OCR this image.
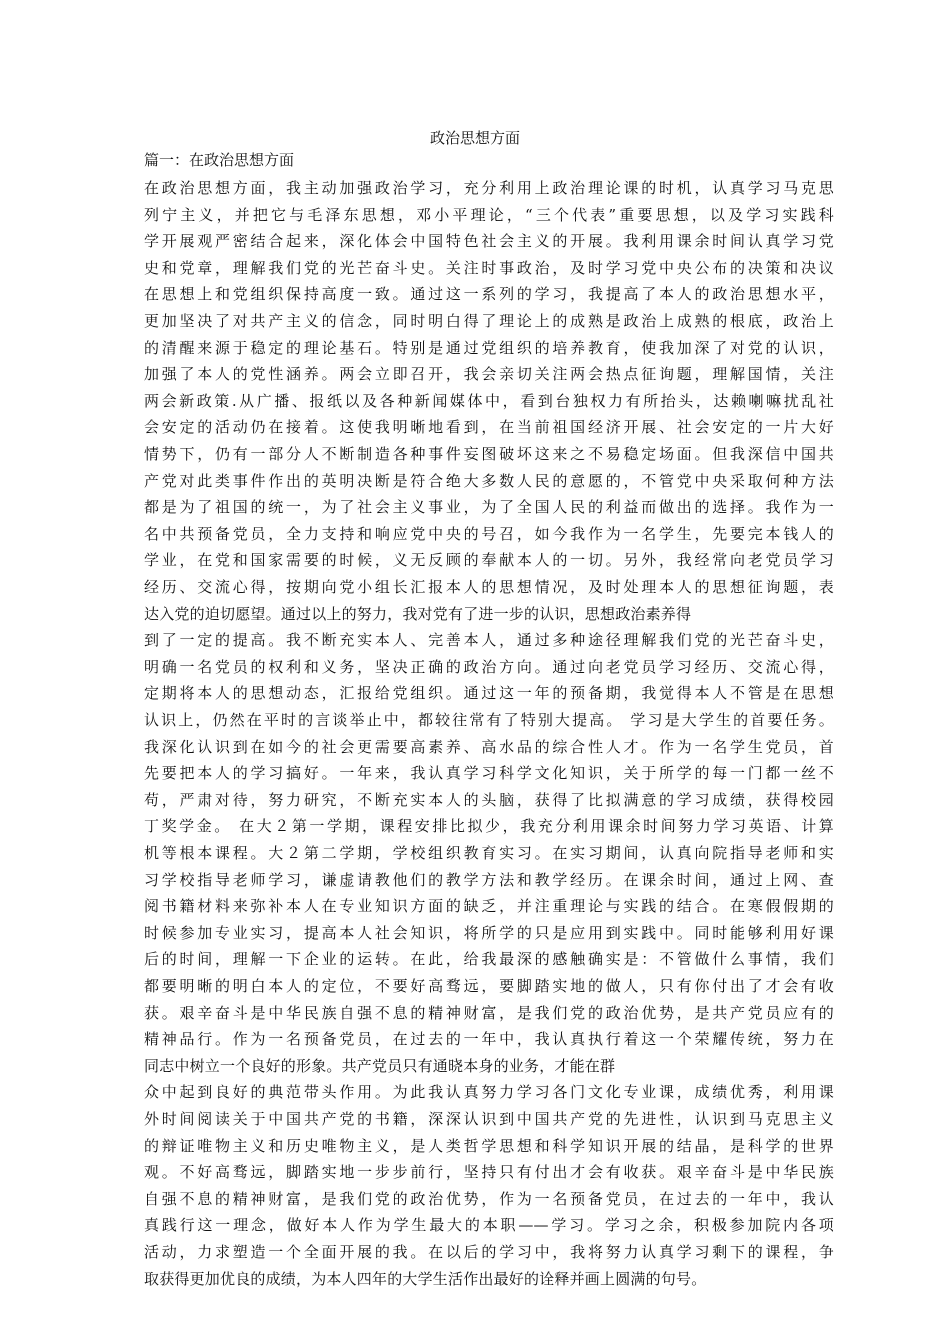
政治思想方面
篇一：在政治思想方面
在政治思想方面，我主动加强政治学习，充分利用上政治理论课的时机，认真学习马克思
列宁主义，并把它与毛泽东思想，邓小平理论，“三个代表”重要思想，以及学习实践科
学开展观严密结合起来，深化体会中国特色社会主义的开展。我利用课余时间认真学习党
史和党章，理解我们党的光芒奋斗史。关注时事政治，及时学习党中央公布的决策和决议
在思想上和党组织保持高度一致。通过这一系列的学习，我提高了本人的政治思想水平，
更加坚决了对共产主义的信念，同时明白得了理论上的成熟是政治上成熟的根底，政治上
的清醒来源于稳定的理论基石。特别是通过党组织的培养教育，使我加深了对党的认识，
加强了本人的党性涵养。两会立即召开，我会亲切关注两会热点征询题，理解国情，关注
两会新政策.从广播、报纸以及各种新闻媒体中，看到台独权力有所抬头，达赖喇嘛扰乱社
会安定的活动仍在接着。这使我明晰地看到，在当前祖国经济开展、社会安定的一片大好
情势下，仍有一部分人不断制造各种事件妄图破坏这来之不易稳定场面。但我深信中国共
产党对此类事件作出的英明决断是符合绝大多数人民的意愿的，不管党中央采取何种方法
都是为了祖国的统一，为了社会主义事业，为了全国人民的利益而做出的选择。我作为一
名中共预备党员，全力支持和响应党中央的号召，如今我作为一名学生，先要完本钱人的
学业，在党和国家需要的时候，义无反顾的奉献本人的一切。另外，我经常向老党员学习
经历、交流心得，按期向党小组长汇报本人的思想情况，及时处理本人的思想征询题，表
达入党的迫切愿望。通过以上的努力，我对党有了进一步的认识，思想政治素养得
到了一定的提高。我不断充实本人、完善本人，通过多种途径理解我们党的光芒奋斗史，
明确一名党员的权利和义务，坚决正确的政治方向。通过向老党员学习经历、交流心得，
定期将本人的思想动态，汇报给党组织。通过这一年的预备期，我觉得本人不管是在思想
认识上，仍然在平时的言谈举止中，都较往常有了特别大提高。 学习是大学生的首要任务。
我深化认识到在如今的社会更需要高素养、高水品的综合性人才。作为一名学生党员，首
先要把本人的学习搞好。一年来，我认真学习科学文化知识，关于所学的每一门都一丝不
苟，严肃对待，努力研究，不断充实本人的头脑，获得了比拟满意的学习成绩，获得校园
丁奖学金。 在大２第一学期，课程安排比拟少，我充分利用课余时间努力学习英语、计算
机等根本课程。大２第二学期，学校组织教育实习。在实习期间，认真向院指导老师和实
习学校指导老师学习，谦虚请教他们的教学方法和教学经历。在课余时间，通过上网、查
阅书籍材料来弥补本人在专业知识方面的缺乏，并注重理论与实践的结合。在寒假假期的
时候参加专业实习，提高本人社会知识，将所学的只是应用到实践中。同时能够利用好课
后的时间，理解一下企业的运转。在此，给我最深的感触确实是：不管做什么事情，我们
都要明晰的明白本人的定位，不要好高骛远，要脚踏实地的做人，只有你付出了才会有收
获。艰辛奋斗是中华民族自强不息的精神财富，是我们党的政治优势，是共产党员应有的
精神品行。作为一名预备党员，在过去的一年中，我认真执行着这一个荣耀传统，努力在
同志中树立一个良好的形象。共产党员只有通晓本身的业务，才能在群
众中起到良好的典范带头作用。为此我认真努力学习各门文化专业课，成绩优秀，利用课
外时间阅读关于中国共产党的书籍，深深认识到中国共产党的先进性，认识到马克思主义
的辩证唯物主义和历史唯物主义，是人类哲学思想和科学知识开展的结晶，是科学的世界
观。不好高骛远，脚踏实地一步步前行，坚持只有付出才会有收获。艰辛奋斗是中华民族
自强不息的精神财富，是我们党的政治优势，作为一名预备党员，在过去的一年中，我认
真践行这一理念，做好本人作为学生最大的本职——学习。学习之余，积极参加院内各项
活动，力求塑造一个全面开展的我。在以后的学习中，我将努力认真学习剩下的课程，争
取获得更加优良的成绩，为本人四年的大学生活作出最好的诠释并画上圆满的句号。
